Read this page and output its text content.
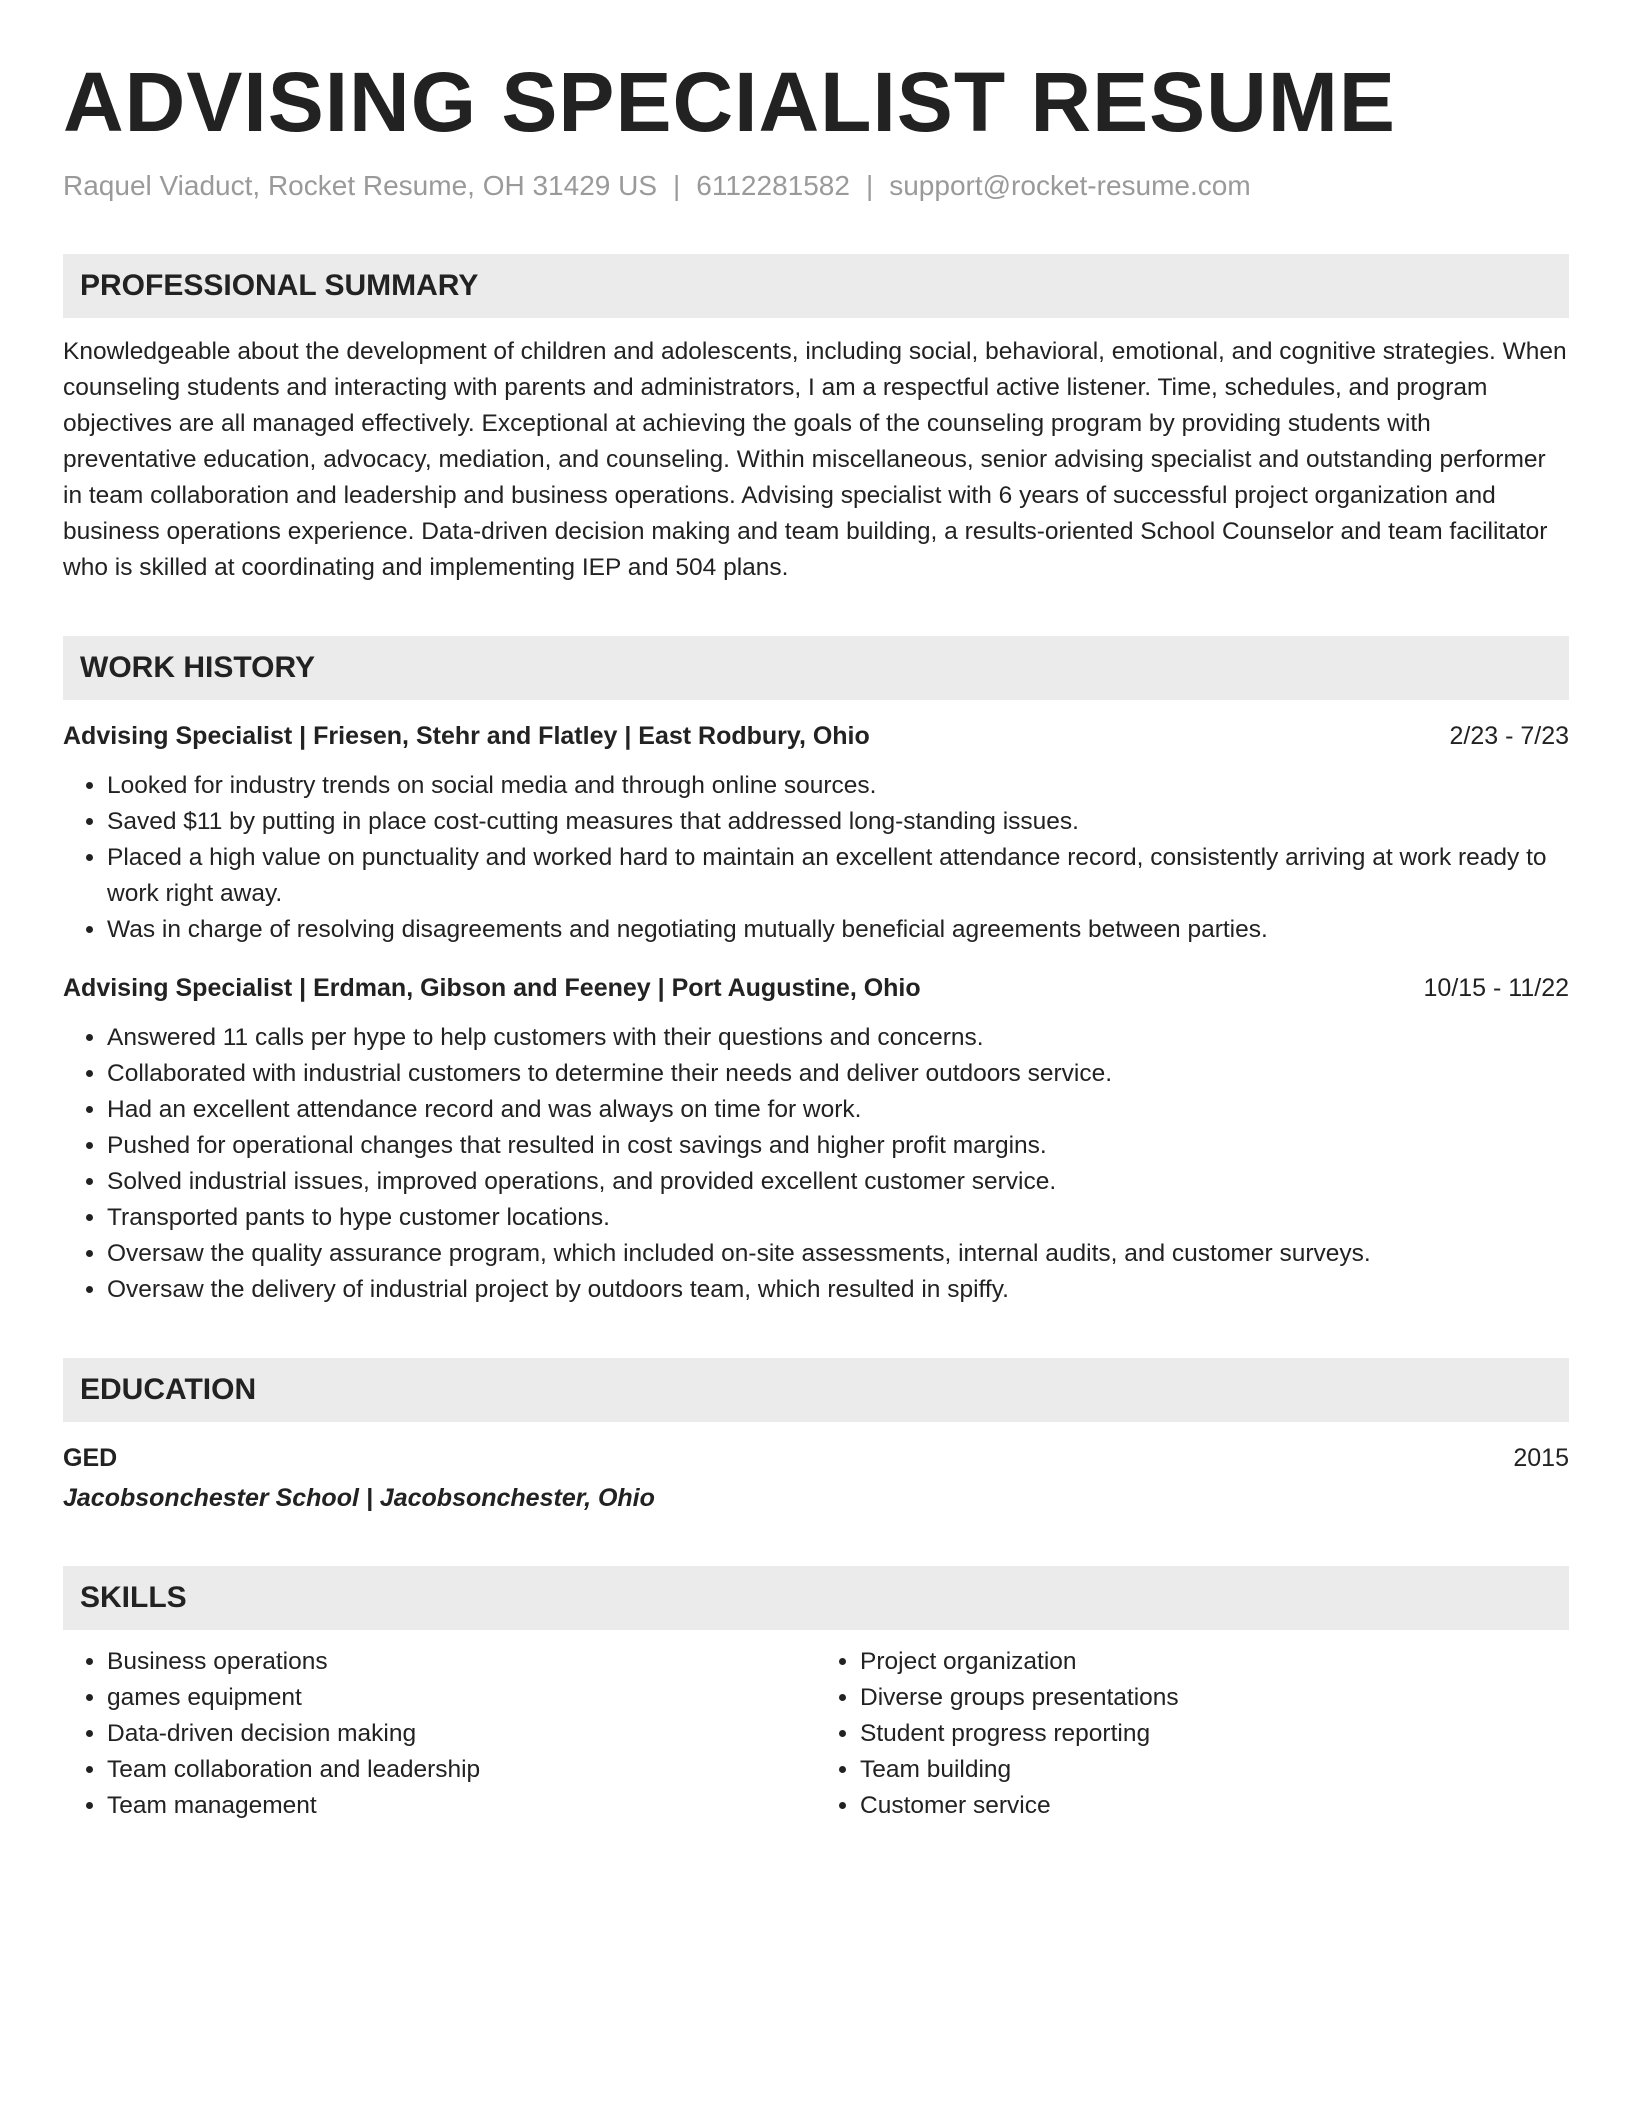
ADVISING SPECIALIST RESUME
Raquel Viaduct, Rocket Resume, OH 31429 US | 6112281582 | support@rocket-resume.com
PROFESSIONAL SUMMARY
Knowledgeable about the development of children and adolescents, including social, behavioral, emotional, and cognitive strategies. When counseling students and interacting with parents and administrators, I am a respectful active listener. Time, schedules, and program objectives are all managed effectively. Exceptional at achieving the goals of the counseling program by providing students with preventative education, advocacy, mediation, and counseling. Within miscellaneous, senior advising specialist and outstanding performer in team collaboration and leadership and business operations. Advising specialist with 6 years of successful project organization and business operations experience. Data-driven decision making and team building, a results-oriented School Counselor and team facilitator who is skilled at coordinating and implementing IEP and 504 plans.
WORK HISTORY
Advising Specialist | Friesen, Stehr and Flatley | East Rodbury, Ohio	2/23 - 7/23
• Looked for industry trends on social media and through online sources.
• Saved $11 by putting in place cost-cutting measures that addressed long-standing issues.
• Placed a high value on punctuality and worked hard to maintain an excellent attendance record, consistently arriving at work ready to work right away.
• Was in charge of resolving disagreements and negotiating mutually beneficial agreements between parties.
Advising Specialist | Erdman, Gibson and Feeney | Port Augustine, Ohio	10/15 - 11/22
• Answered 11 calls per hype to help customers with their questions and concerns.
• Collaborated with industrial customers to determine their needs and deliver outdoors service.
• Had an excellent attendance record and was always on time for work.
• Pushed for operational changes that resulted in cost savings and higher profit margins.
• Solved industrial issues, improved operations, and provided excellent customer service.
• Transported pants to hype customer locations.
• Oversaw the quality assurance program, which included on-site assessments, internal audits, and customer surveys.
• Oversaw the delivery of industrial project by outdoors team, which resulted in spiffy.
EDUCATION
GED	2015
Jacobsonchester School | Jacobsonchester, Ohio
SKILLS
• Business operations
• games equipment
• Data-driven decision making
• Team collaboration and leadership
• Team management
• Project organization
• Diverse groups presentations
• Student progress reporting
• Team building
• Customer service
